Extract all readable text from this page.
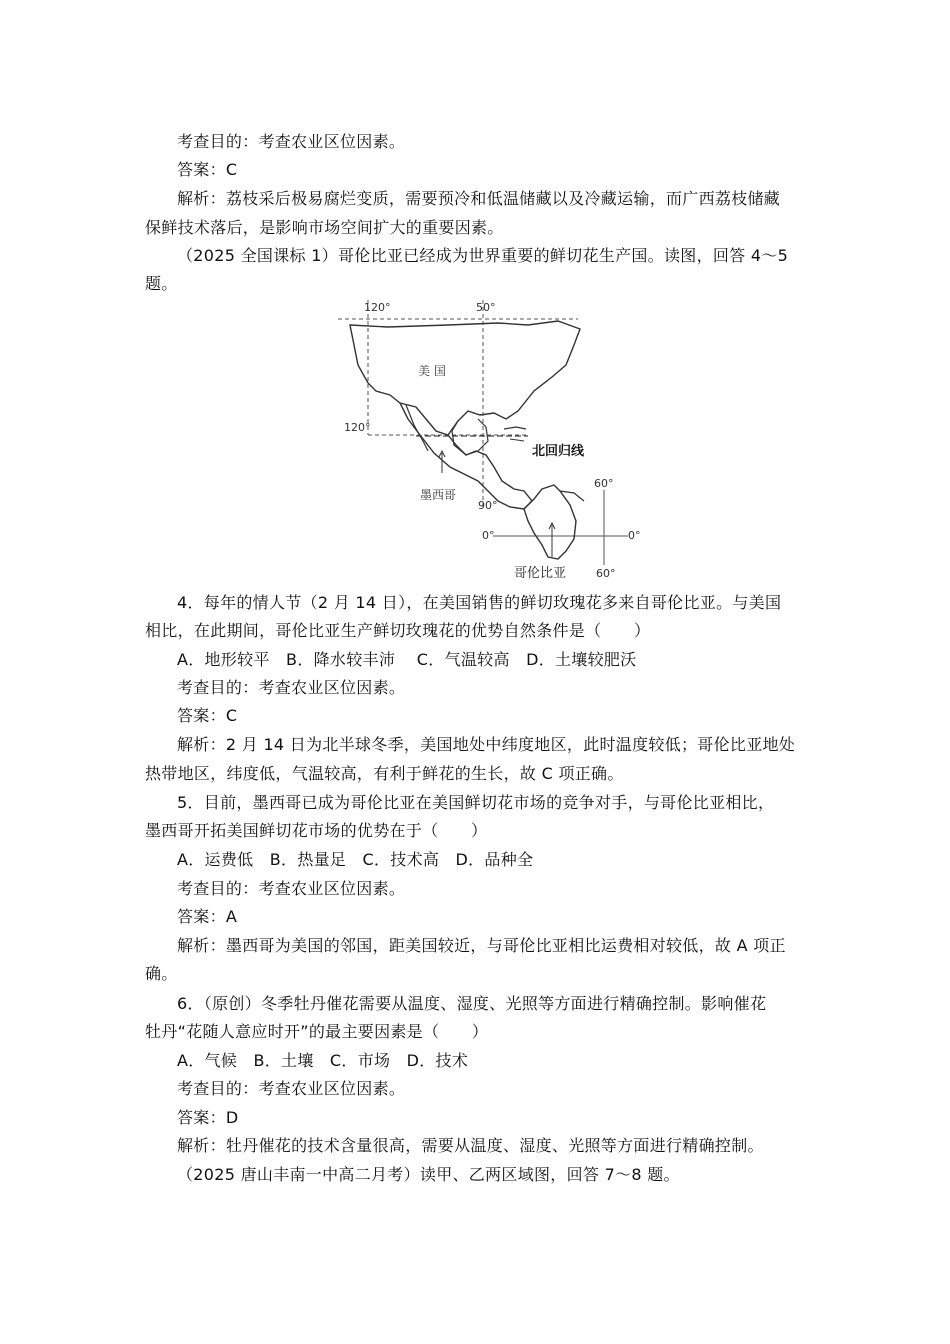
考查目的：考查农业区位因素。
答案：C
解析：荔枝采后极易腐烂变质，需要预冷和低温储藏以及冷藏运输，而广西荔枝储藏
保鲜技术落后，是影响市场空间扩大的重要因素。
（2025 全国课标 1）哥伦比亚已经成为世界重要的鲜切花生产国。读图，回答 4～5
题。
120°	50°
120°
美 国
北回归线
墨西哥
90°
60°
0°	0°
哥伦比亚	60°
4．每年的情人节（2 月 14 日），在美国销售的鲜切玫瑰花多来自哥伦比亚。与美国
相比，在此期间，哥伦比亚生产鲜切玫瑰花的优势自然条件是（　　）
A．地形较平　B．降水较丰沛　 C．气温较高　D．土壤较肥沃
考查目的：考查农业区位因素。
答案：C
解析：2 月 14 日为北半球冬季，美国地处中纬度地区，此时温度较低；哥伦比亚地处
热带地区，纬度低，气温较高，有利于鲜花的生长，故 C 项正确。
5．目前，墨西哥已成为哥伦比亚在美国鲜切花市场的竞争对手，与哥伦比亚相比，
墨西哥开拓美国鲜切花市场的优势在于（　　）
A．运费低　B．热量足　C．技术高　D．品种全
考查目的：考查农业区位因素。
答案：A
解析：墨西哥为美国的邻国，距美国较近，与哥伦比亚相比运费相对较低，故 A 项正
确。
6．（原创）冬季牡丹催花需要从温度、湿度、光照等方面进行精确控制。影响催花
牡丹“花随人意应时开”的最主要因素是（　　）
A．气候　B．土壤　C．市场　D．技术
考查目的：考查农业区位因素。
答案：D
解析：牡丹催花的技术含量很高，需要从温度、湿度、光照等方面进行精确控制。
（2025 唐山丰南一中高二月考）读甲、乙两区域图，回答 7～8 题。
